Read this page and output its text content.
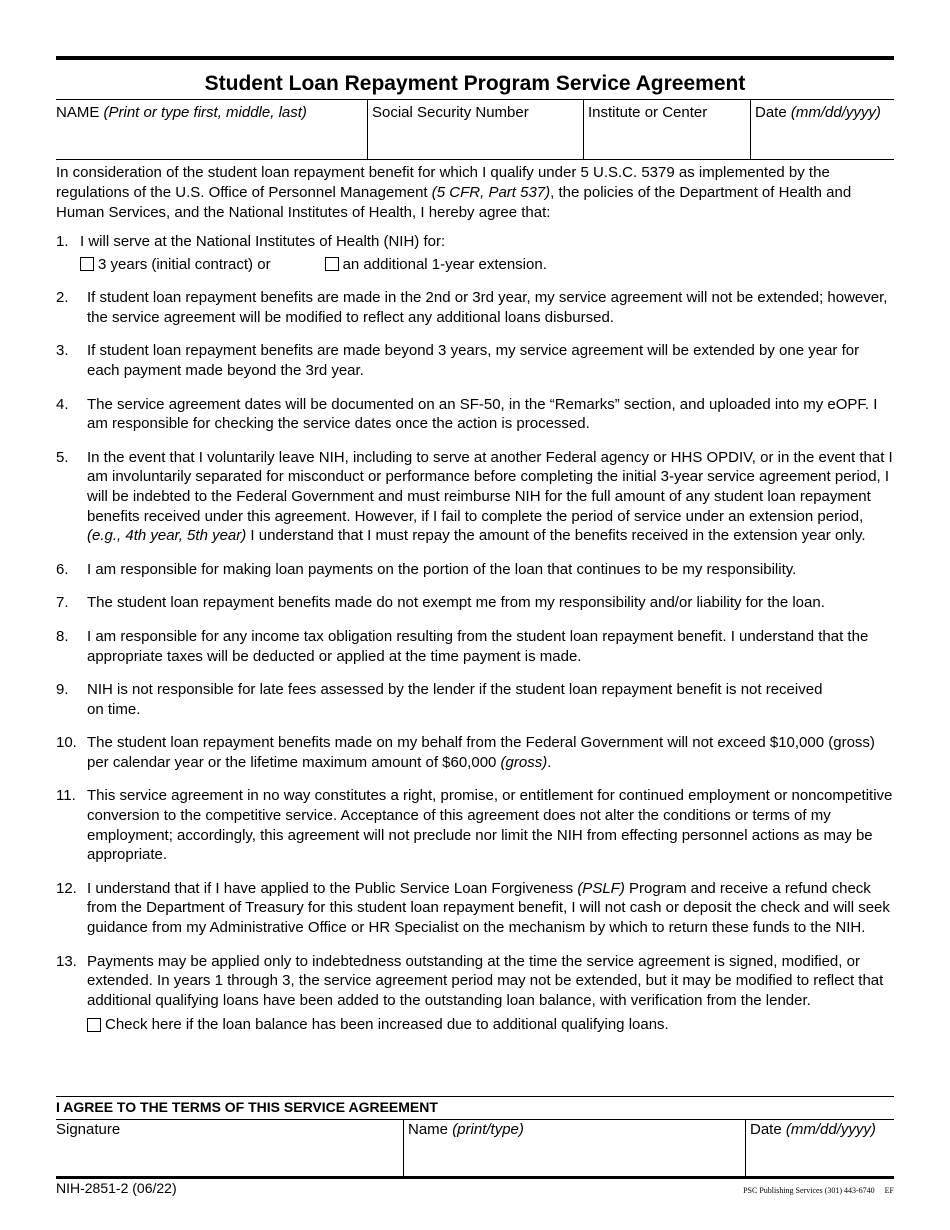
Student Loan Repayment Program Service Agreement
NAME (Print or type first, middle, last)	Social Security Number	Institute or Center	Date (mm/dd/yyyy)
In consideration of the student loan repayment benefit for which I qualify under 5 U.S.C. 5379 as implemented by the regulations of the U.S. Office of Personnel Management (5 CFR, Part 537), the policies of the Department of Health and Human Services, and the National Institutes of Health, I hereby agree that:
1. I will serve at the National Institutes of Health (NIH) for:
3 years (initial contract) or	an additional 1-year extension.
2. If student loan repayment benefits are made in the 2nd or 3rd year, my service agreement will not be extended; however, the service agreement will be modified to reflect any additional loans disbursed.
3. If student loan repayment benefits are made beyond 3 years, my service agreement will be extended by one year for each payment made beyond the 3rd year.
4. The service agreement dates will be documented on an SF-50, in the “Remarks” section, and uploaded into my eOPF. I am responsible for checking the service dates once the action is processed.
5. In the event that I voluntarily leave NIH, including to serve at another Federal agency or HHS OPDIV, or in the event that I am involuntarily separated for misconduct or performance before completing the initial 3-year service agreement period, I will be indebted to the Federal Government and must reimburse NIH for the full amount of any student loan repayment benefits received under this agreement. However, if I fail to complete the period of service under an extension period, (e.g., 4th year, 5th year) I understand that I must repay the amount of the benefits received in the extension year only.
6. I am responsible for making loan payments on the portion of the loan that continues to be my responsibility.
7. The student loan repayment benefits made do not exempt me from my responsibility and/or liability for the loan.
8. I am responsible for any income tax obligation resulting from the student loan repayment benefit. I understand that the appropriate taxes will be deducted or applied at the time payment is made.
9. NIH is not responsible for late fees assessed by the lender if the student loan repayment benefit is not received
on time.
10. The student loan repayment benefits made on my behalf from the Federal Government will not exceed $10,000 (gross) per calendar year or the lifetime maximum amount of $60,000 (gross).
11. This service agreement in no way constitutes a right, promise, or entitlement for continued employment or noncompetitive conversion to the competitive service. Acceptance of this agreement does not alter the conditions or terms of my employment; accordingly, this agreement will not preclude nor limit the NIH from effecting personnel actions as may be appropriate.
12. I understand that if I have applied to the Public Service Loan Forgiveness (PSLF) Program and receive a refund check from the Department of Treasury for this student loan repayment benefit, I will not cash or deposit the check and will seek guidance from my Administrative Office or HR Specialist on the mechanism by which to return these funds to the NIH.
13. Payments may be applied only to indebtedness outstanding at the time the service agreement is signed, modified, or extended. In years 1 through 3, the service agreement period may not be extended, but it may be modified to reflect that additional qualifying loans have been added to the outstanding loan balance, with verification from the lender.
Check here if the loan balance has been increased due to additional qualifying loans.
I AGREE TO THE TERMS OF THIS SERVICE AGREEMENT
Signature	Name (print/type)	Date (mm/dd/yyyy)
NIH-2851-2 (06/22)	PSC Publishing Services (301) 443-6740 EF
